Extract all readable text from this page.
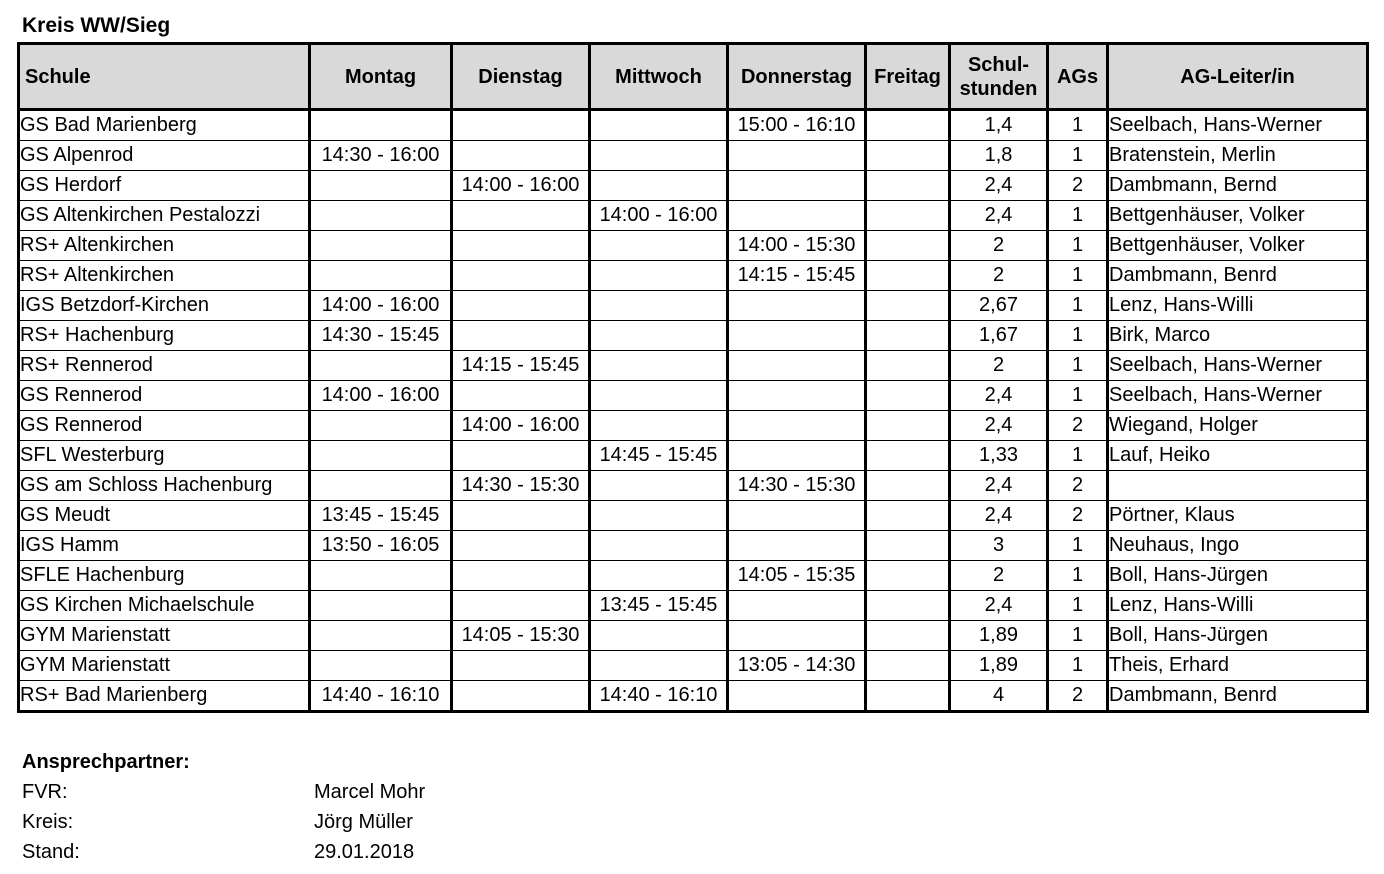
Kreis WW/Sieg
Schule	Montag	Dienstag	Mittwoch	Donnerstag	Freitag	Schul-
stunden	AGs	AG-Leiter/in
GS Bad Marienberg				15:00 - 16:10		1,4	1	Seelbach, Hans-Werner
GS Alpenrod	14:30 - 16:00					1,8	1	Bratenstein, Merlin
GS Herdorf		14:00 - 16:00				2,4	2	Dambmann, Bernd
GS Altenkirchen Pestalozzi			14:00 - 16:00			2,4	1	Bettgenhäuser, Volker
RS+ Altenkirchen				14:00 - 15:30		2	1	Bettgenhäuser, Volker
RS+ Altenkirchen				14:15 - 15:45		2	1	Dambmann, Benrd
IGS Betzdorf-Kirchen	14:00 - 16:00					2,67	1	Lenz, Hans-Willi
RS+ Hachenburg	14:30 - 15:45					1,67	1	Birk, Marco
RS+ Rennerod		14:15 - 15:45				2	1	Seelbach, Hans-Werner
GS Rennerod	14:00 - 16:00					2,4	1	Seelbach, Hans-Werner
GS Rennerod		14:00 - 16:00				2,4	2	Wiegand, Holger
SFL Westerburg			14:45 - 15:45			1,33	1	Lauf, Heiko
GS am Schloss Hachenburg		14:30 - 15:30		14:30 - 15:30		2,4	2	
GS Meudt	13:45 - 15:45					2,4	2	Pörtner, Klaus
IGS Hamm	13:50 - 16:05					3	1	Neuhaus, Ingo
SFLE Hachenburg				14:05 - 15:35		2	1	Boll, Hans-Jürgen
GS Kirchen Michaelschule			13:45 - 15:45			2,4	1	Lenz, Hans-Willi
GYM Marienstatt		14:05 - 15:30				1,89	1	Boll, Hans-Jürgen
GYM Marienstatt				13:05 - 14:30		1,89	1	Theis, Erhard
RS+ Bad Marienberg	14:40 - 16:10		14:40 - 16:10			4	2	Dambmann, Benrd
Ansprechpartner:
FVR:	Marcel Mohr
Kreis:	Jörg Müller
Stand:	29.01.2018
